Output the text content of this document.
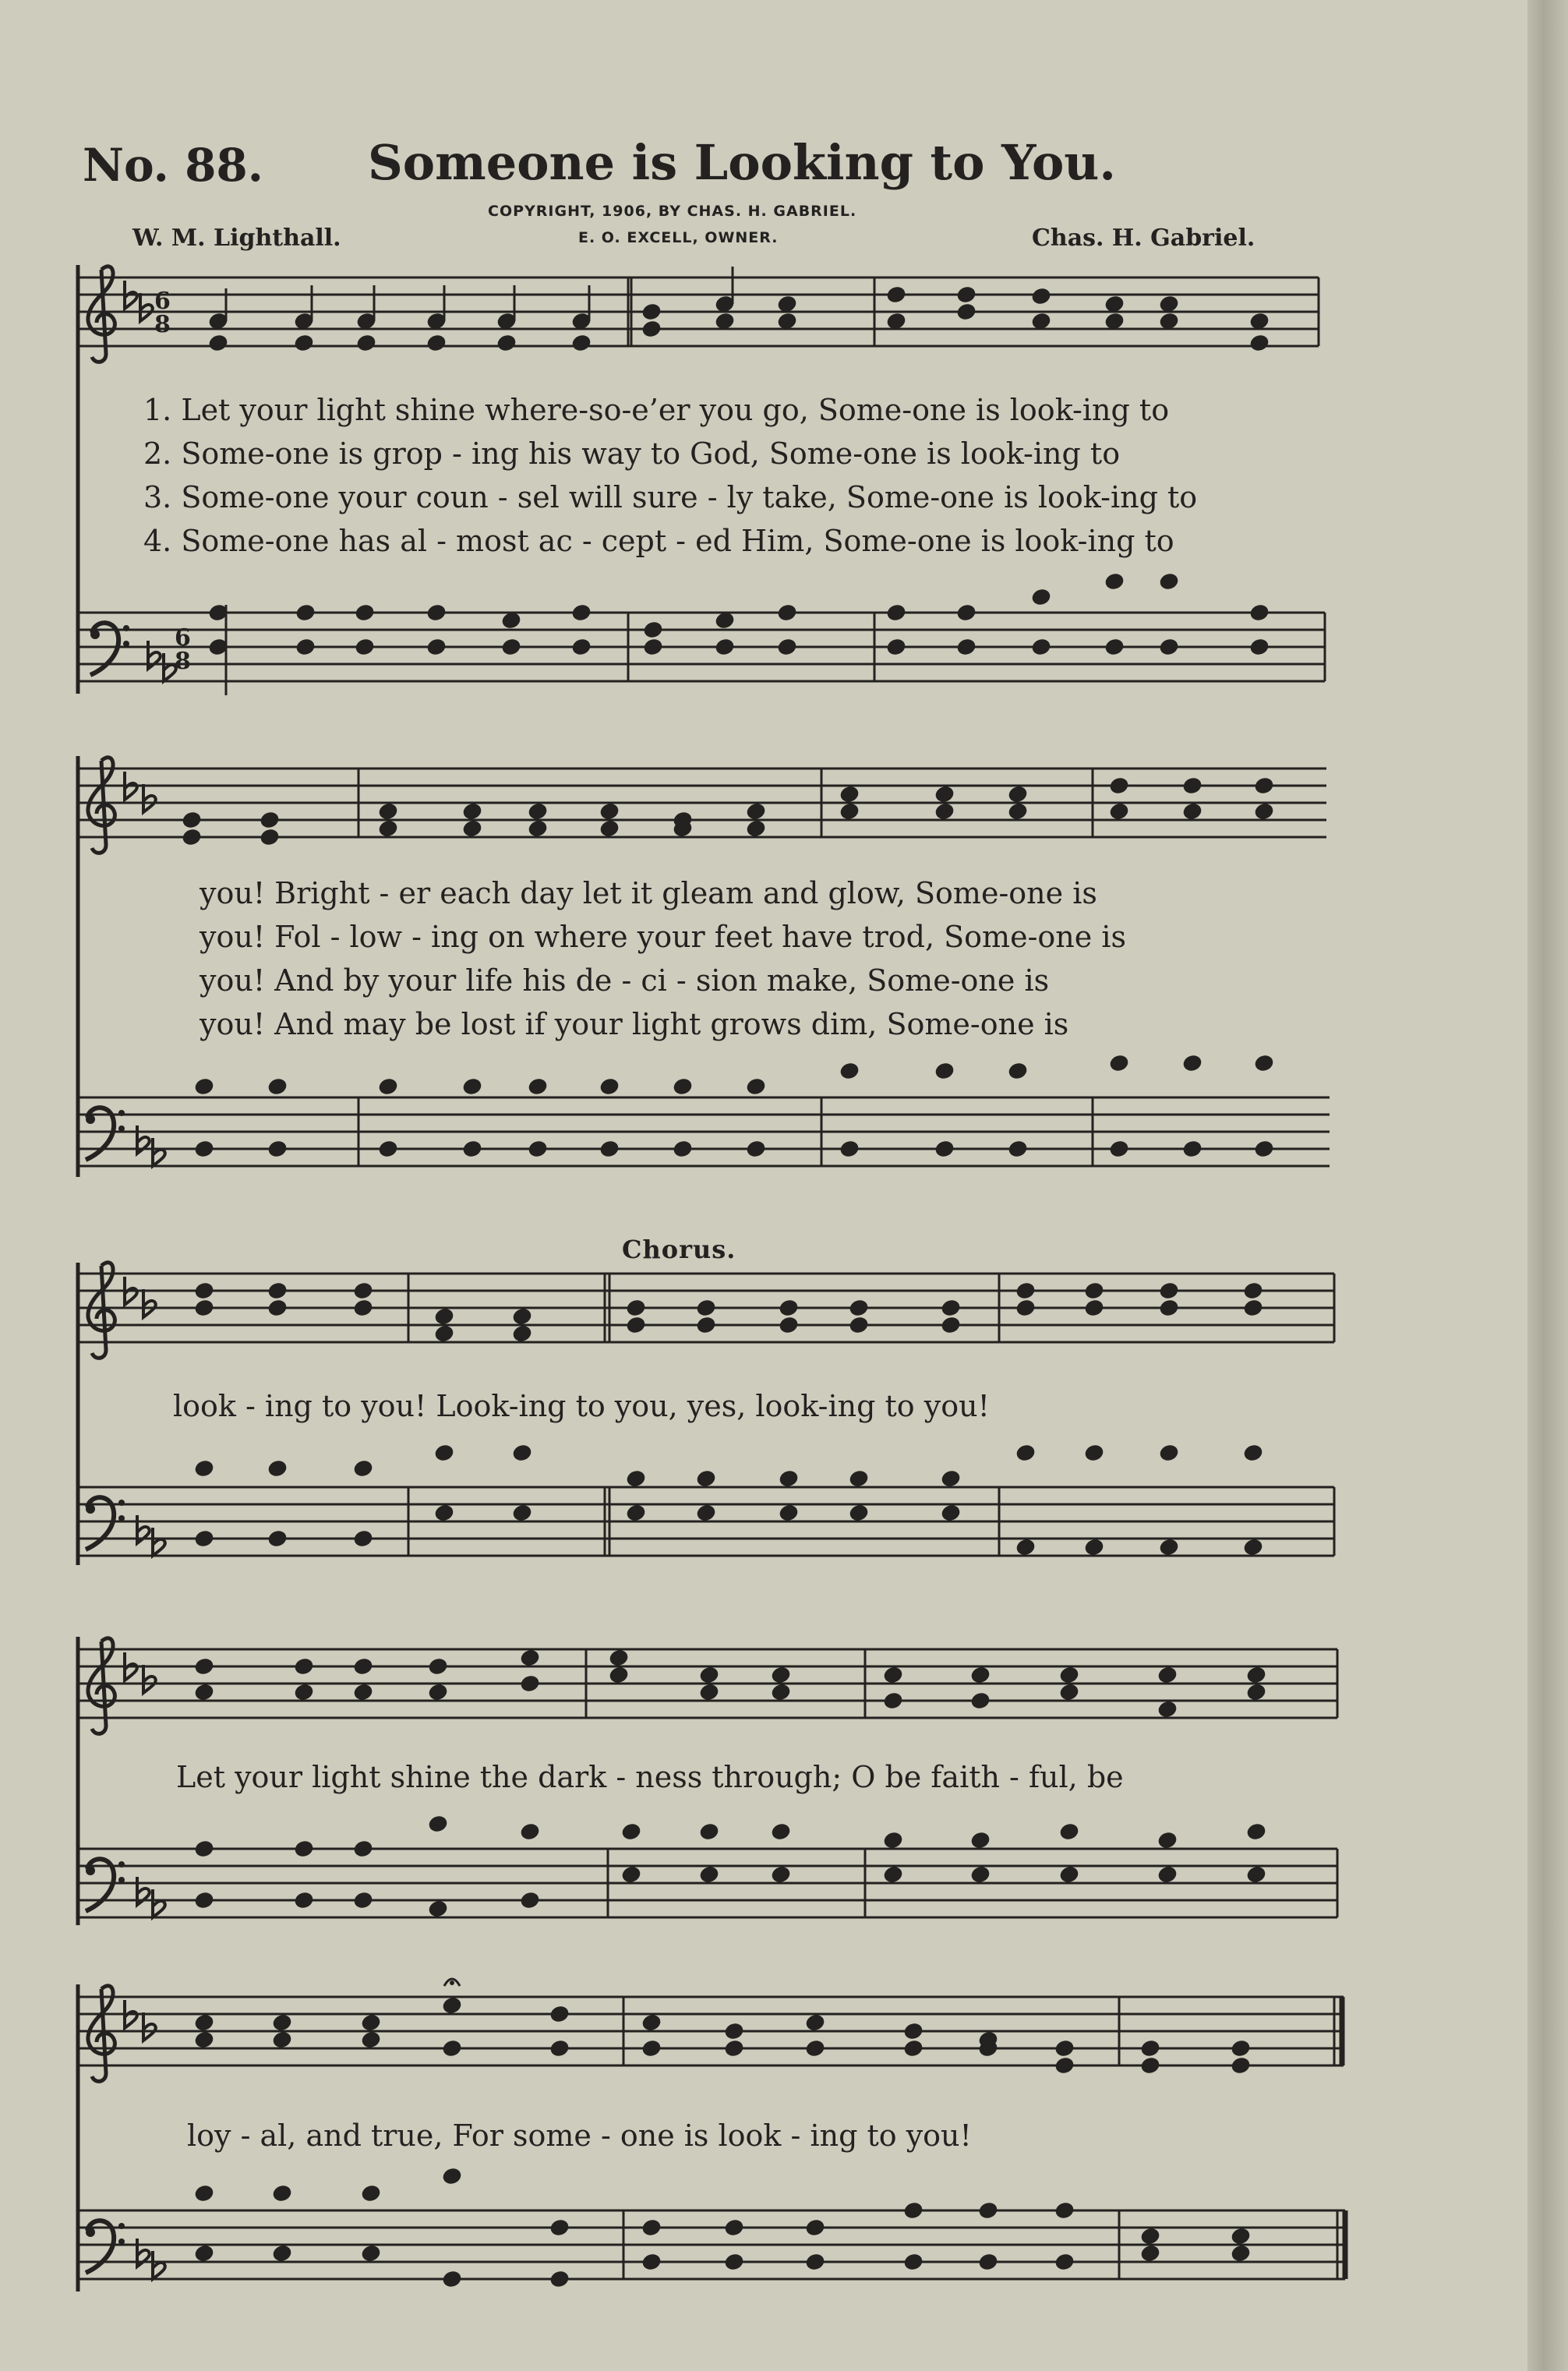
No. 88. Someone is Looking to You.
COPYRIGHT, 1906, BY CHAS. H. GABRIEL.
E. O. EXCELL, OWNER.
W. M. Lighthall.	Chas. H. Gabriel.
6
8
6
8
1. Let your light shine where-so-e’er you go, Some-one is look-ing to
2. Some-one is grop - ing his way to God, Some-one is look-ing to
3. Some-one your coun - sel will sure - ly take, Some-one is look-ing to
4. Some-one has al - most ac - cept - ed Him, Some-one is look-ing to
you! Bright - er each day let it gleam and glow, Some-one is
you! Fol - low - ing on where your feet have trod, Some-one is
you! And by your life his de - ci - sion make, Some-one is
you! And may be lost if your light grows dim, Some-one is
Chorus.
look - ing to you! Look-ing to you, yes, look-ing to you!
Let your light shine the dark - ness through; O be faith - ful, be
loy - al, and true, For some - one is look - ing to you!
